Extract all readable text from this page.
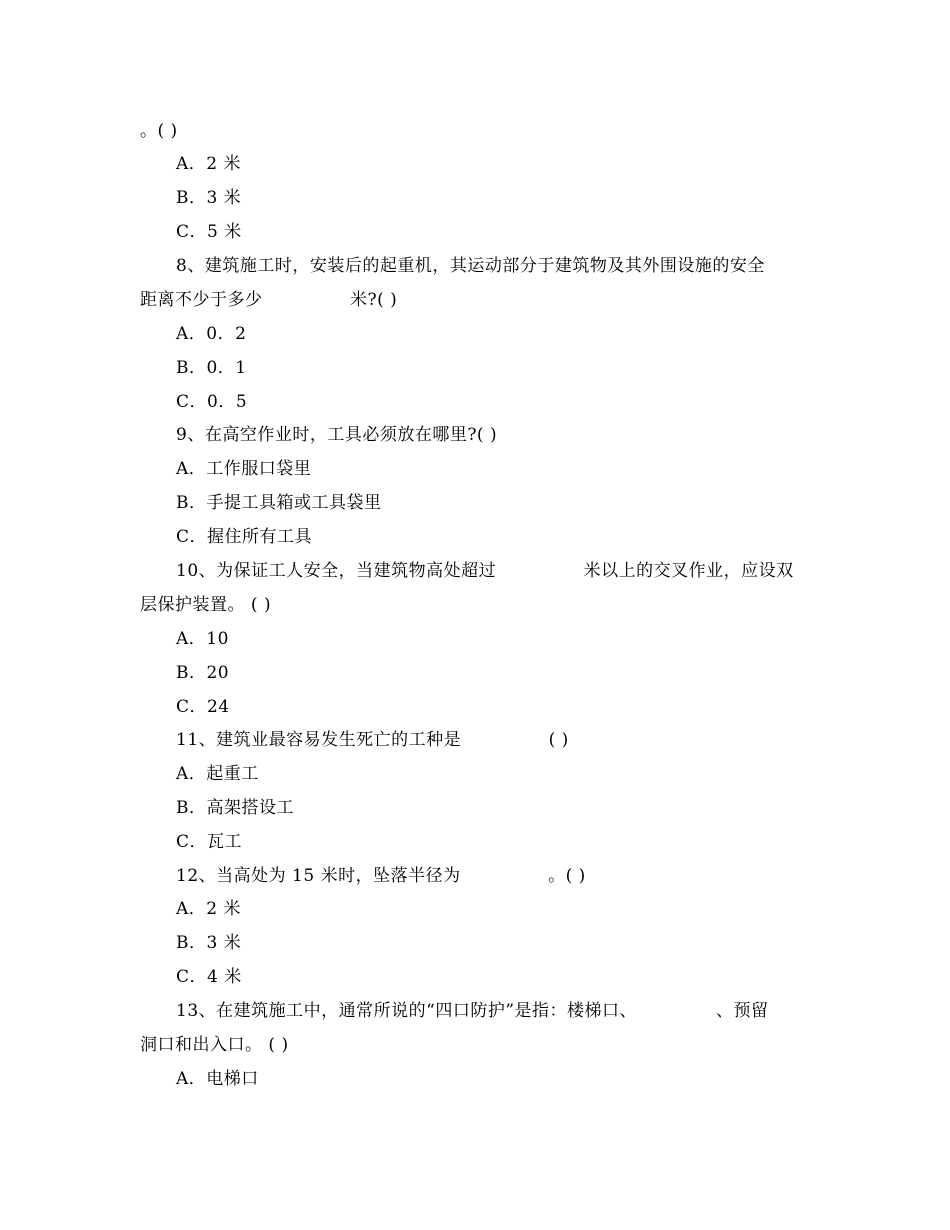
。( )
A．2 米
B．3 米
C．5 米
8、建筑施工时，安装后的起重机，其运动部分于建筑物及其外围设施的安全
距离不少于多少　　　　　米?( )
A．0．2
B．0．1
C．0．5
9、在高空作业时，工具必须放在哪里?( )
A．工作服口袋里
B．手提工具箱或工具袋里
C．握住所有工具
10、为保证工人安全，当建筑物高处超过　　　　　米以上的交叉作业，应设双
层保护装置。 ( )
A．10
B．20
C．24
11、建筑业最容易发生死亡的工种是　　　　　( )
A．起重工
B．高架搭设工
C．瓦工
12、当高处为 15 米时，坠落半径为　　　　　。( )
A．2 米
B．3 米
C．4 米
13、在建筑施工中，通常所说的“四口防护”是指：楼梯口、　　　　　、预留
洞口和出入口。 ( )
A．电梯口
